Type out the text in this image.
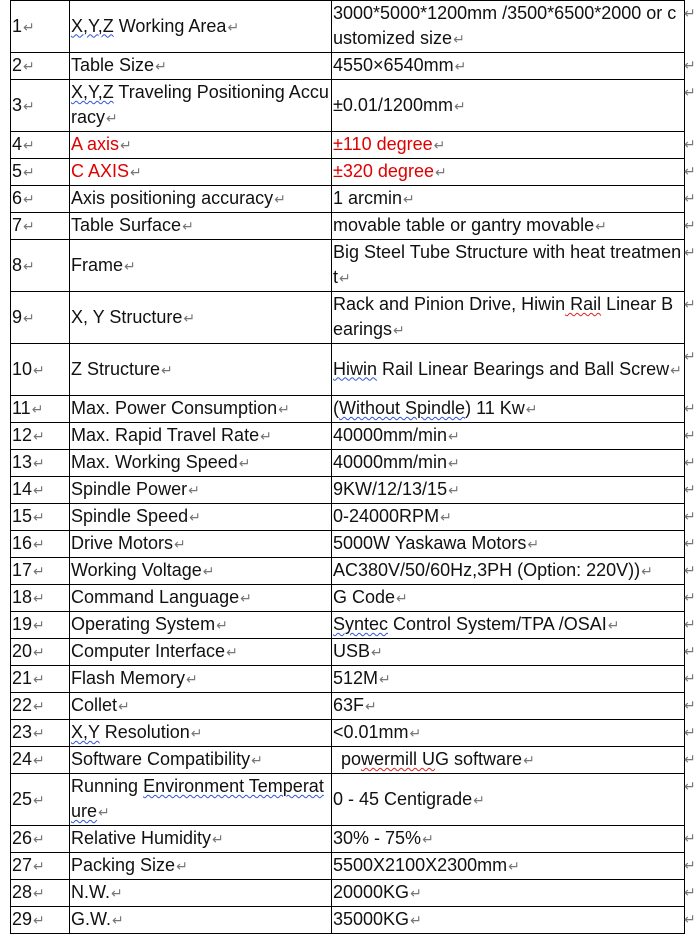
1↵	X,Y,Z Working Area↵	3000*5000*1200mm /3500*6500*2000 or customized size↵
2↵	Table Size↵	4550×6540mm↵
3↵	X,Y,Z Traveling Positioning Accuracy↵	±0.01/1200mm↵
4↵	A axis↵	±110 degree↵
5↵	C AXIS↵	±320 degree↵
6↵	Axis positioning accuracy↵	1 arcmin↵
7↵	Table Surface↵	movable table or gantry movable↵
8↵	Frame↵	Big Steel Tube Structure with heat treatment↵
9↵	X, Y Structure↵	Rack and Pinion Drive, Hiwin Rail Linear Bearings↵
10↵	Z Structure↵	Hiwin Rail Linear Bearings and Ball Screw↵
11↵	Max. Power Consumption↵	(Without Spindle) 11 Kw↵
12↵	Max. Rapid Travel Rate↵	40000mm/min↵
13↵	Max. Working Speed↵	40000mm/min↵
14↵	Spindle Power↵	9KW/12/13/15↵
15↵	Spindle Speed↵	0-24000RPM↵
16↵	Drive Motors↵	5000W Yaskawa Motors↵
17↵	Working Voltage↵	AC380V/50/60Hz,3PH (Option: 220V))↵
18↵	Command Language↵	G Code↵
19↵	Operating System↵	Syntec Control System/TPA /OSAI↵
20↵	Computer Interface↵	USB↵
21↵	Flash Memory↵	512M↵
22↵	Collet↵	63F↵
23↵	X,Y Resolution↵	<0.01mm↵
24↵	Software Compatibility↵	powermill UG software↵
25↵	Running Environment Temperature↵	0 - 45 Centigrade↵
26↵	Relative Humidity↵	30% - 75%↵
27↵	Packing Size↵	5500X2100X2300mm↵
28↵	N.W.↵	20000KG↵
29↵	G.W.↵	35000KG↵
↵
↵
↵
↵
↵
↵
↵
↵
↵
↵
↵
↵
↵
↵
↵
↵
↵
↵
↵
↵
↵
↵
↵
↵
↵
↵
↵
↵
↵
